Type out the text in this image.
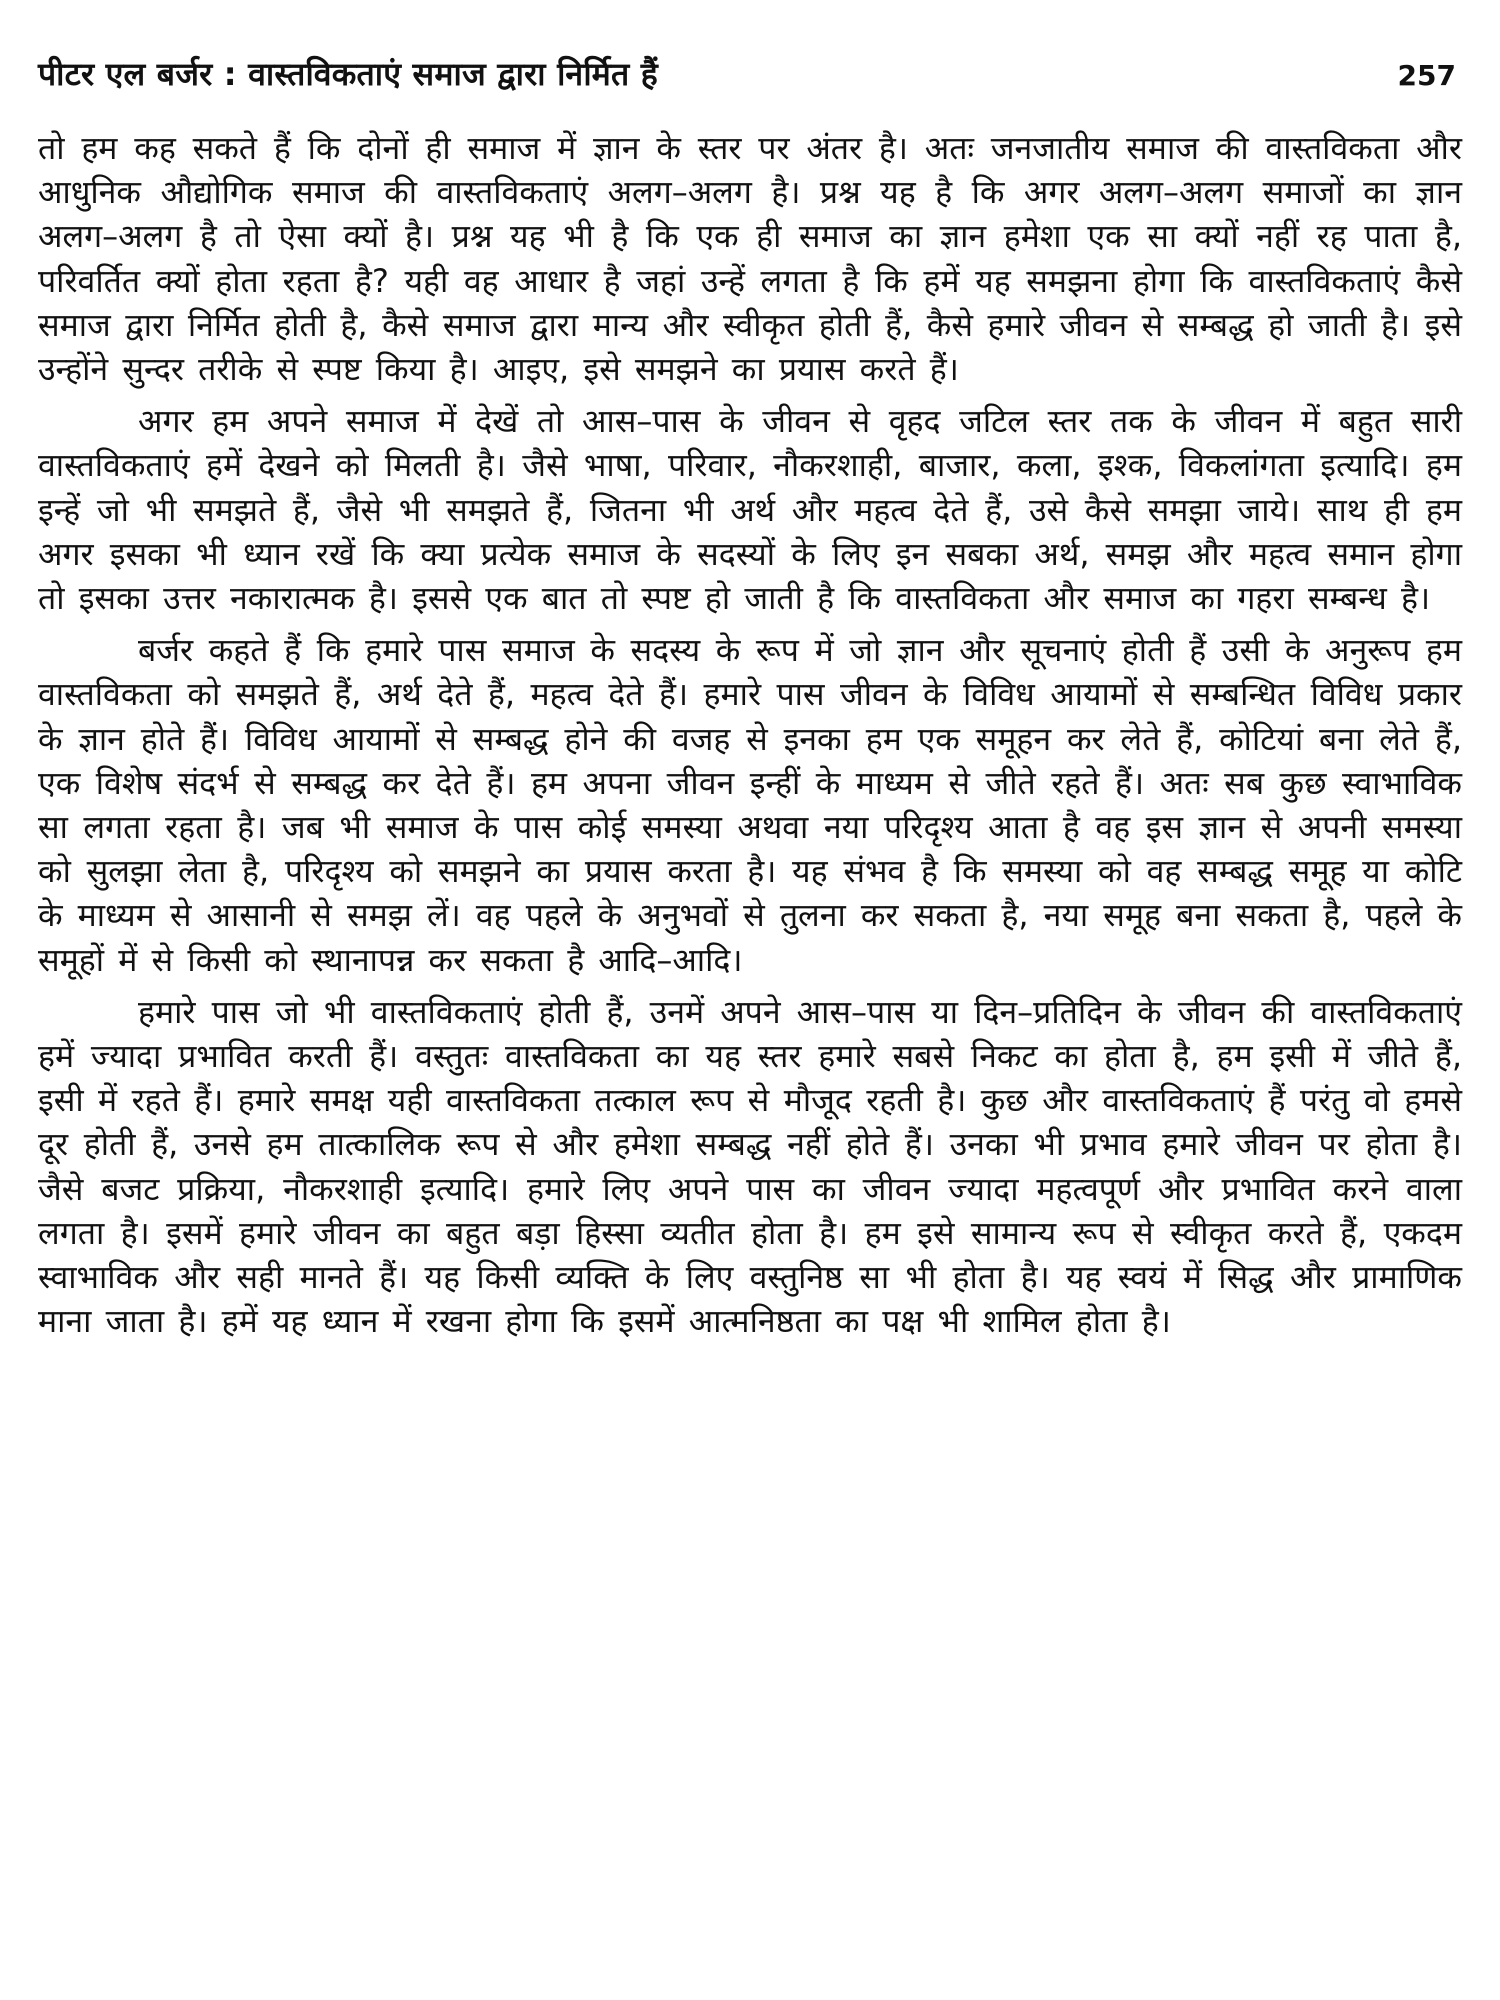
पीटर एल बर्जर : वास्तविकताएं समाज द्वारा निर्मित हैं	257

तो हम कह सकते हैं कि दोनों ही समाज में ज्ञान के स्तर पर अंतर है। अतः जनजातीय समाज की वास्तविकता और आधुनिक औद्योगिक समाज की वास्तविकताएं अलग–अलग है। प्रश्न यह है कि अगर अलग–अलग समाजों का ज्ञान अलग–अलग है तो ऐसा क्यों है। प्रश्न यह भी है कि एक ही समाज का ज्ञान हमेशा एक सा क्यों नहीं रह पाता है, परिवर्तित क्यों होता रहता है? यही वह आधार है जहां उन्हें लगता है कि हमें यह समझना होगा कि वास्तविकताएं कैसे समाज द्वारा निर्मित होती है, कैसे समाज द्वारा मान्य और स्वीकृत होती हैं, कैसे हमारे जीवन से सम्बद्ध हो जाती है। इसे उन्होंने सुन्दर तरीके से स्पष्ट किया है। आइए, इसे समझने का प्रयास करते हैं।

अगर हम अपने समाज में देखें तो आस–पास के जीवन से वृहद जटिल स्तर तक के जीवन में बहुत सारी वास्तविकताएं हमें देखने को मिलती है। जैसे भाषा, परिवार, नौकरशाही, बाजार, कला, इश्क, विकलांगता इत्यादि। हम इन्हें जो भी समझते हैं, जैसे भी समझते हैं, जितना भी अर्थ और महत्व देते हैं, उसे कैसे समझा जाये। साथ ही हम अगर इसका भी ध्यान रखें कि क्या प्रत्येक समाज के सदस्यों के लिए इन सबका अर्थ, समझ और महत्व समान होगा तो इसका उत्तर नकारात्मक है। इससे एक बात तो स्पष्ट हो जाती है कि वास्तविकता और समाज का गहरा सम्बन्ध है।

बर्जर कहते हैं कि हमारे पास समाज के सदस्य के रूप में जो ज्ञान और सूचनाएं होती हैं उसी के अनुरूप हम वास्तविकता को समझते हैं, अर्थ देते हैं, महत्व देते हैं। हमारे पास जीवन के विविध आयामों से सम्बन्धित विविध प्रकार के ज्ञान होते हैं। विविध आयामों से सम्बद्ध होने की वजह से इनका हम एक समूहन कर लेते हैं, कोटियां बना लेते हैं, एक विशेष संदर्भ से सम्बद्ध कर देते हैं। हम अपना जीवन इन्हीं के माध्यम से जीते रहते हैं। अतः सब कुछ स्वाभाविक सा लगता रहता है। जब भी समाज के पास कोई समस्या अथवा नया परिदृश्य आता है वह इस ज्ञान से अपनी समस्या को सुलझा लेता है, परिदृश्य को समझने का प्रयास करता है। यह संभव है कि समस्या को वह सम्बद्ध समूह या कोटि के माध्यम से आसानी से समझ लें। वह पहले के अनुभवों से तुलना कर सकता है, नया समूह बना सकता है, पहले के समूहों में से किसी को स्थानापन्न कर सकता है आदि–आदि।

हमारे पास जो भी वास्तविकताएं होती हैं, उनमें अपने आस–पास या दिन–प्रतिदिन के जीवन की वास्तविकताएं हमें ज्यादा प्रभावित करती हैं। वस्तुतः वास्तविकता का यह स्तर हमारे सबसे निकट का होता है, हम इसी में जीते हैं, इसी में रहते हैं। हमारे समक्ष यही वास्तविकता तत्काल रूप से मौजूद रहती है। कुछ और वास्तविकताएं हैं परंतु वो हमसे दूर होती हैं, उनसे हम तात्कालिक रूप से और हमेशा सम्बद्ध नहीं होते हैं। उनका भी प्रभाव हमारे जीवन पर होता है। जैसे बजट प्रक्रिया, नौकरशाही इत्यादि। हमारे लिए अपने पास का जीवन ज्यादा महत्वपूर्ण और प्रभावित करने वाला लगता है। इसमें हमारे जीवन का बहुत बड़ा हिस्सा व्यतीत होता है। हम इसे सामान्य रूप से स्वीकृत करते हैं, एकदम स्वाभाविक और सही मानते हैं। यह किसी व्यक्ति के लिए वस्तुनिष्ठ सा भी होता है। यह स्वयं में सिद्ध और प्रामाणिक माना जाता है। हमें यह ध्यान में रखना होगा कि इसमें आत्मनिष्ठता का पक्ष भी शामिल होता है।
